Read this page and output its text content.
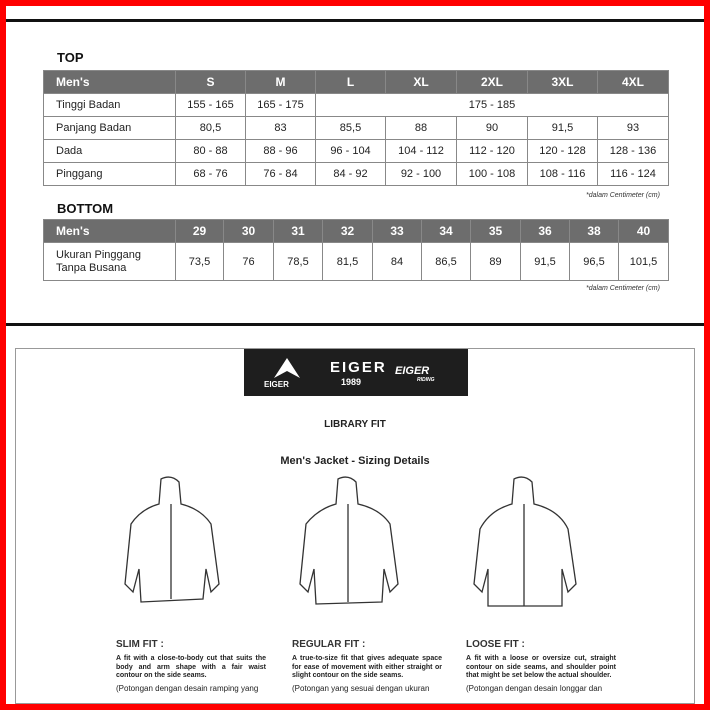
TOP
Men's	S	M	L	XL	2XL	3XL	4XL
Tinggi Badan	155 - 165	165 - 175	175 - 185				
Panjang Badan	80,5	83	85,5	88	90	91,5	93
Dada	80 - 88	88 - 96	96 - 104	104 - 112	112 - 120	120 - 128	128 - 136
Pinggang	68 - 76	76 - 84	84 - 92	92 - 100	100 - 108	108 - 116	116 - 124
*dalam Centimeter (cm)
BOTTOM
Men's	29	30	31	32	33	34	35	36	38	40
Ukuran Pinggang
Tanpa Busana	73,5	76	78,5	81,5	84	86,5	89	91,5	96,5	101,5
*dalam Centimeter (cm)
EIGER
EIGER
1989
EIGER
RIDING
LIBRARY FIT
Men's Jacket - Sizing Details
SLIM FIT :

A fit with a close-to-body cut that suits the body and arm shape with a fair waist contour on the side seams.

(Potongan dengan desain ramping yang

REGULAR FIT :

A true-to-size fit that gives adequate space for ease of movement with either straight or slight contour on the side seams.

(Potongan yang sesuai dengan ukuran

LOOSE FIT :

A fit with a loose or oversize cut, straight contour on side seams, and shoulder point that might be set below the actual shoulder.

(Potongan dengan desain longgar dan
